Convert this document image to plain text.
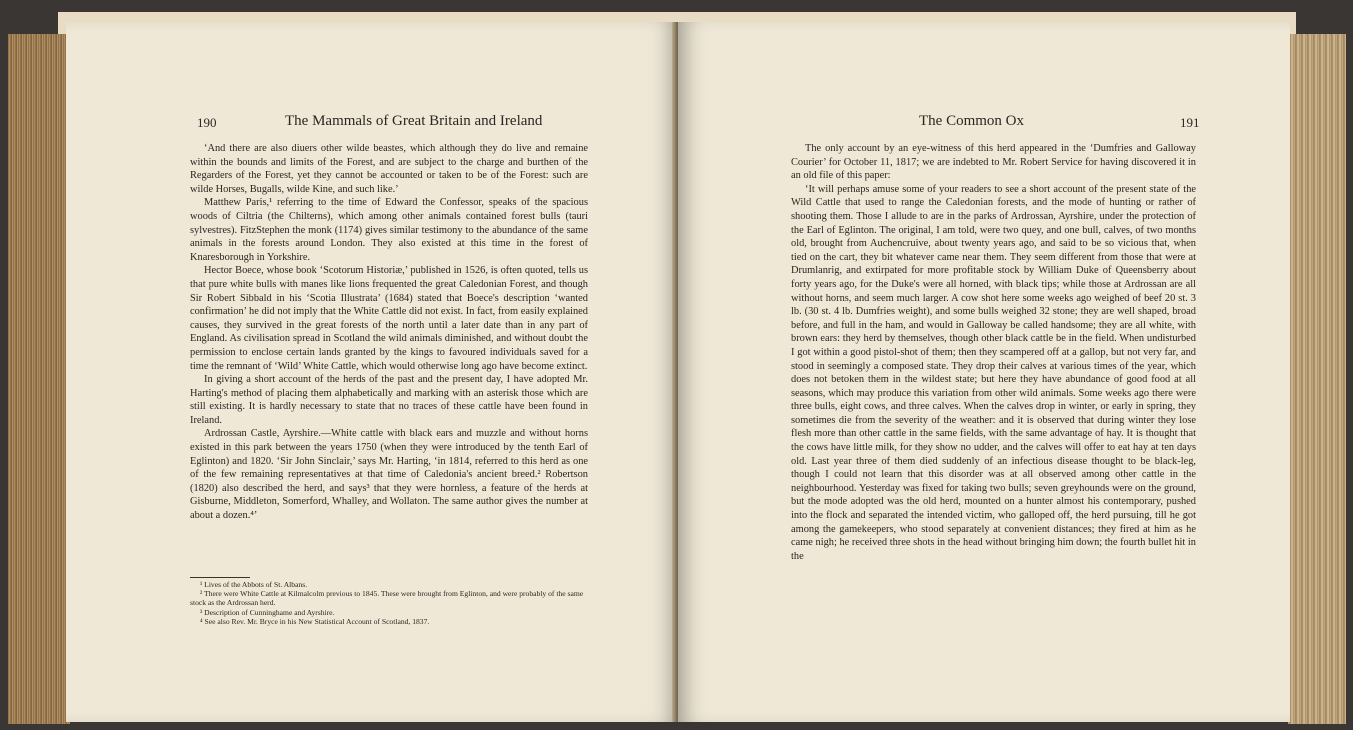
190	The Mammals of Great Britain and Ireland

‘And there are also diuers other wilde beastes, which although they do live and remaine within the bounds and limits of the Forest, and are subject to the charge and burthen of the Regarders of the Forest, yet they cannot be accounted or taken to be of the Forest: such are wilde Horses, Bugalls, wilde Kine, and such like.’

Matthew Paris,¹ referring to the time of Edward the Confessor, speaks of the spacious woods of Ciltria (the Chilterns), which among other animals contained forest bulls (tauri sylvestres). FitzStephen the monk (1174) gives similar testimony to the abundance of the same animals in the forests around London. They also existed at this time in the forest of Knaresborough in Yorkshire.

Hector Boece, whose book ‘Scotorum Historiæ,’ published in 1526, is often quoted, tells us that pure white bulls with manes like lions frequented the great Caledonian Forest, and though Sir Robert Sibbald in his ‘Scotia Illustrata’ (1684) stated that Boece's description ‘wanted confirmation’ he did not imply that the White Cattle did not exist. In fact, from easily explained causes, they survived in the great forests of the north until a later date than in any part of England. As civilisation spread in Scotland the wild animals diminished, and without doubt the permission to enclose certain lands granted by the kings to favoured individuals saved for a time the remnant of ‘Wild’ White Cattle, which would otherwise long ago have become extinct.

In giving a short account of the herds of the past and the present day, I have adopted Mr. Harting's method of placing them alphabetically and marking with an asterisk those which are still existing. It is hardly necessary to state that no traces of these cattle have been found in Ireland.

Ardrossan Castle, Ayrshire.—White cattle with black ears and muzzle and without horns existed in this park between the years 1750 (when they were introduced by the tenth Earl of Eglinton) and 1820. ‘Sir John Sinclair,’ says Mr. Harting, ‘in 1814, referred to this herd as one of the few remaining representatives at that time of Caledonia's ancient breed.² Robertson (1820) also described the herd, and says³ that they were hornless, a feature of the herds at Gisburne, Middleton, Somerford, Whalley, and Wollaton. The same author gives the number at about a dozen.⁴’

¹ Lives of the Abbots of St. Albans.

² There were White Cattle at Kilmalcolm previous to 1845. These were brought from Eglinton, and were probably of the same stock as the Ardrossan herd.

³ Description of Cunninghame and Ayrshire.

⁴ See also Rev. Mr. Bryce in his New Statistical Account of Scotland, 1837.

The Common Ox	191

The only account by an eye-witness of this herd appeared in the ‘Dumfries and Galloway Courier’ for October 11, 1817; we are indebted to Mr. Robert Service for having discovered it in an old file of this paper:

‘It will perhaps amuse some of your readers to see a short account of the present state of the Wild Cattle that used to range the Caledonian forests, and the mode of hunting or rather of shooting them. Those I allude to are in the parks of Ardrossan, Ayrshire, under the protection of the Earl of Eglinton. The original, I am told, were two quey, and one bull, calves, of two months old, brought from Auchencruive, about twenty years ago, and said to be so vicious that, when tied on the cart, they bit whatever came near them. They seem different from those that were at Drumlanrig, and extirpated for more profitable stock by William Duke of Queensberry about forty years ago, for the Duke's were all horned, with black tips; while those at Ardrossan are all without horns, and seem much larger. A cow shot here some weeks ago weighed of beef 20 st. 3 lb. (30 st. 4 lb. Dumfries weight), and some bulls weighed 32 stone; they are well shaped, broad before, and full in the ham, and would in Galloway be called handsome; they are all white, with brown ears: they herd by themselves, though other black cattle be in the field. When undisturbed I got within a good pistol-shot of them; then they scampered off at a gallop, but not very far, and stood in seemingly a composed state. They drop their calves at various times of the year, which does not betoken them in the wildest state; but here they have abundance of good food at all seasons, which may produce this variation from other wild animals. Some weeks ago there were three bulls, eight cows, and three calves. When the calves drop in winter, or early in spring, they sometimes die from the severity of the weather: and it is observed that during winter they lose flesh more than other cattle in the same fields, with the same advantage of hay. It is thought that the cows have little milk, for they show no udder, and the calves will offer to eat hay at ten days old. Last year three of them died suddenly of an infectious disease thought to be black-leg, though I could not learn that this disorder was at all observed among other cattle in the neighbourhood. Yesterday was fixed for taking two bulls; seven greyhounds were on the ground, but the mode adopted was the old herd, mounted on a hunter almost his contemporary, pushed into the flock and separated the intended victim, who galloped off, the herd pursuing, till he got among the gamekeepers, who stood separately at convenient distances; they fired at him as he came nigh; he received three shots in the head without bringing him down; the fourth bullet hit in the
